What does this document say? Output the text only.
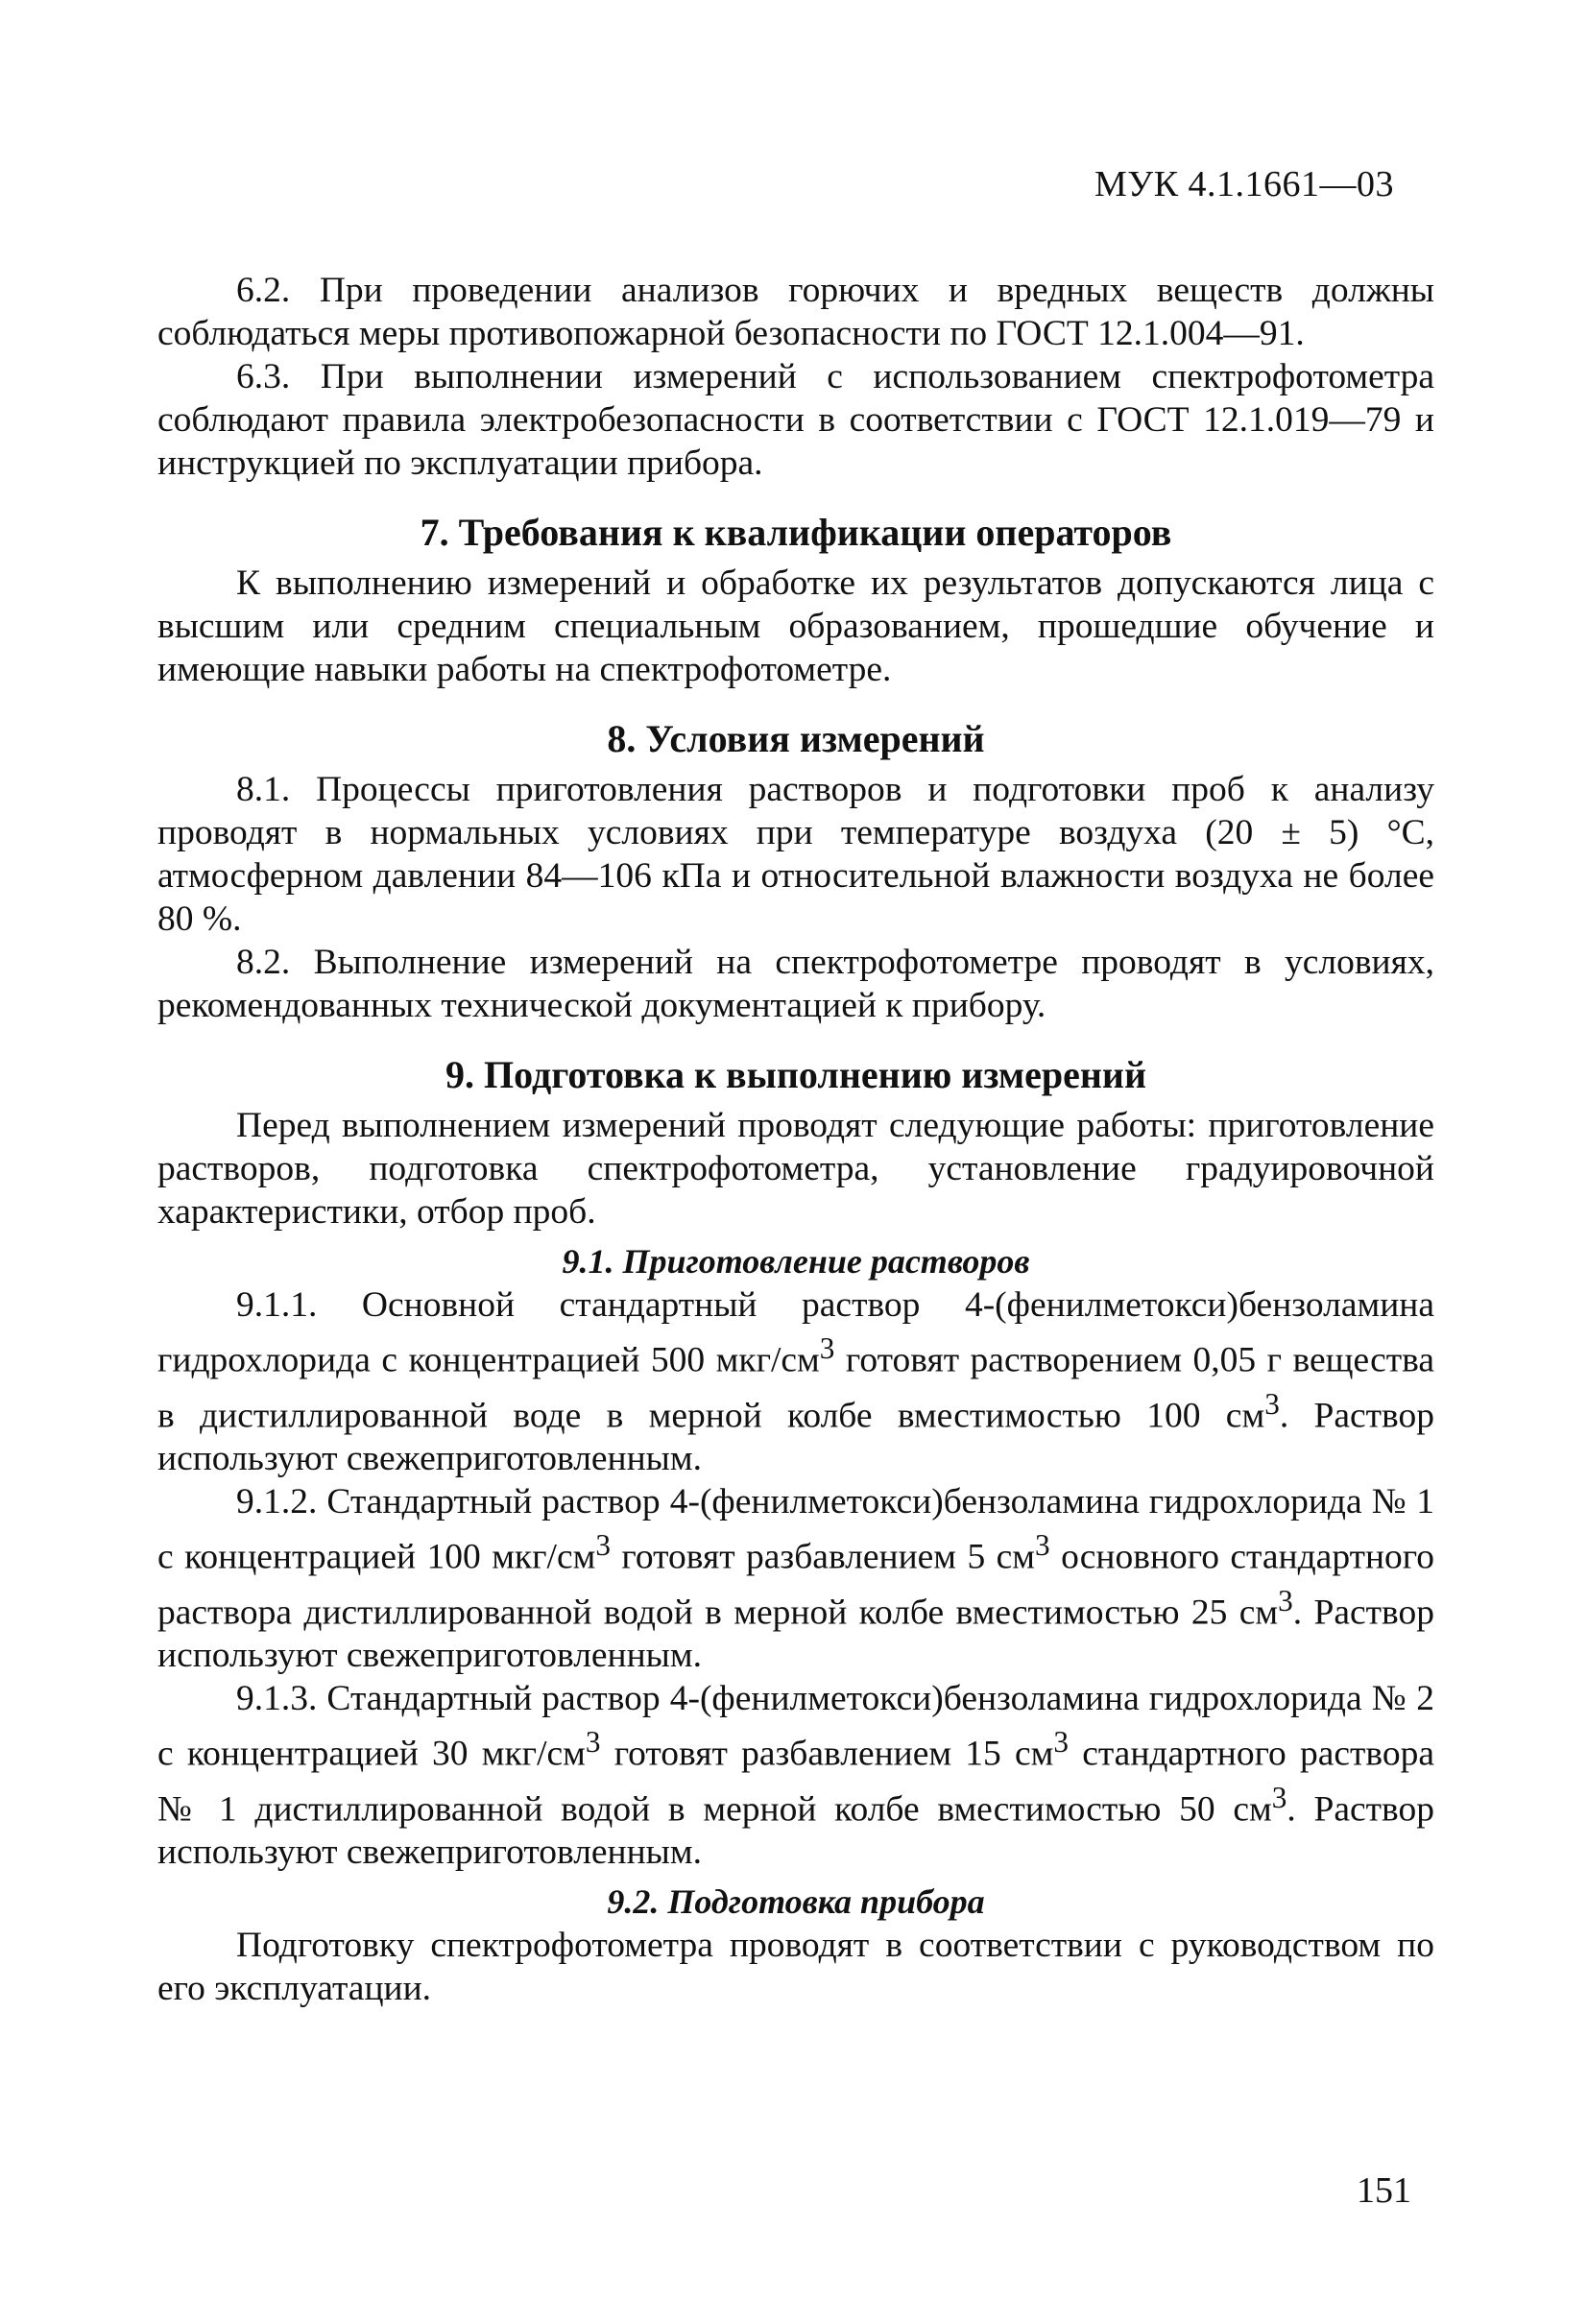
МУК 4.1.1661—03

6.2. При проведении анализов горючих и вредных веществ должны соблюдаться меры противопожарной безопасности по ГОСТ 12.1.004—91.

6.3. При выполнении измерений с использованием спектрофотометра соблюдают правила электробезопасности в соответствии с ГОСТ 12.1.019—79 и инструкцией по эксплуатации прибора.

7. Требования к квалификации операторов

К выполнению измерений и обработке их результатов допускаются лица с высшим или средним специальным образованием, прошедшие обучение и имеющие навыки работы на спектрофотометре.

8. Условия измерений

8.1. Процессы приготовления растворов и подготовки проб к анализу проводят в нормальных условиях при температуре воздуха (20 ± 5) °С, атмосферном давлении 84—106 кПа и относительной влажности воздуха не более 80 %.

8.2. Выполнение измерений на спектрофотометре проводят в условиях, рекомендованных технической документацией к прибору.

9. Подготовка к выполнению измерений

Перед выполнением измерений проводят следующие работы: приготовление растворов, подготовка спектрофотометра, установление градуировочной характеристики, отбор проб.

9.1. Приготовление растворов

9.1.1. Основной стандартный раствор 4-(фенилметокси)бензоламина гидрохлорида с концентрацией 500 мкг/$см^3$ готовят растворением 0,05 г вещества в дистиллированной воде в мерной колбе вместимостью 100 $см^3$. Раствор используют свежеприготовленным.

9.1.2. Стандартный раствор 4-(фенилметокси)бензоламина гидрохлорида № 1 с концентрацией 100 мкг/$см^3$ готовят разбавлением 5 $см^3$ основного стандартного раствора дистиллированной водой в мерной колбе вместимостью 25 $см^3$. Раствор используют свежеприготовленным.

9.1.3. Стандартный раствор 4-(фенилметокси)бензоламина гидрохлорида № 2 с концентрацией 30 мкг/$см^3$ готовят разбавлением 15 $см^3$ стандартного раствора № 1 дистиллированной водой в мерной колбе вместимостью 50 $см^3$. Раствор используют свежеприготовленным.

9.2. Подготовка прибора

Подготовку спектрофотометра проводят в соответствии с руководством по его эксплуатации.

151
